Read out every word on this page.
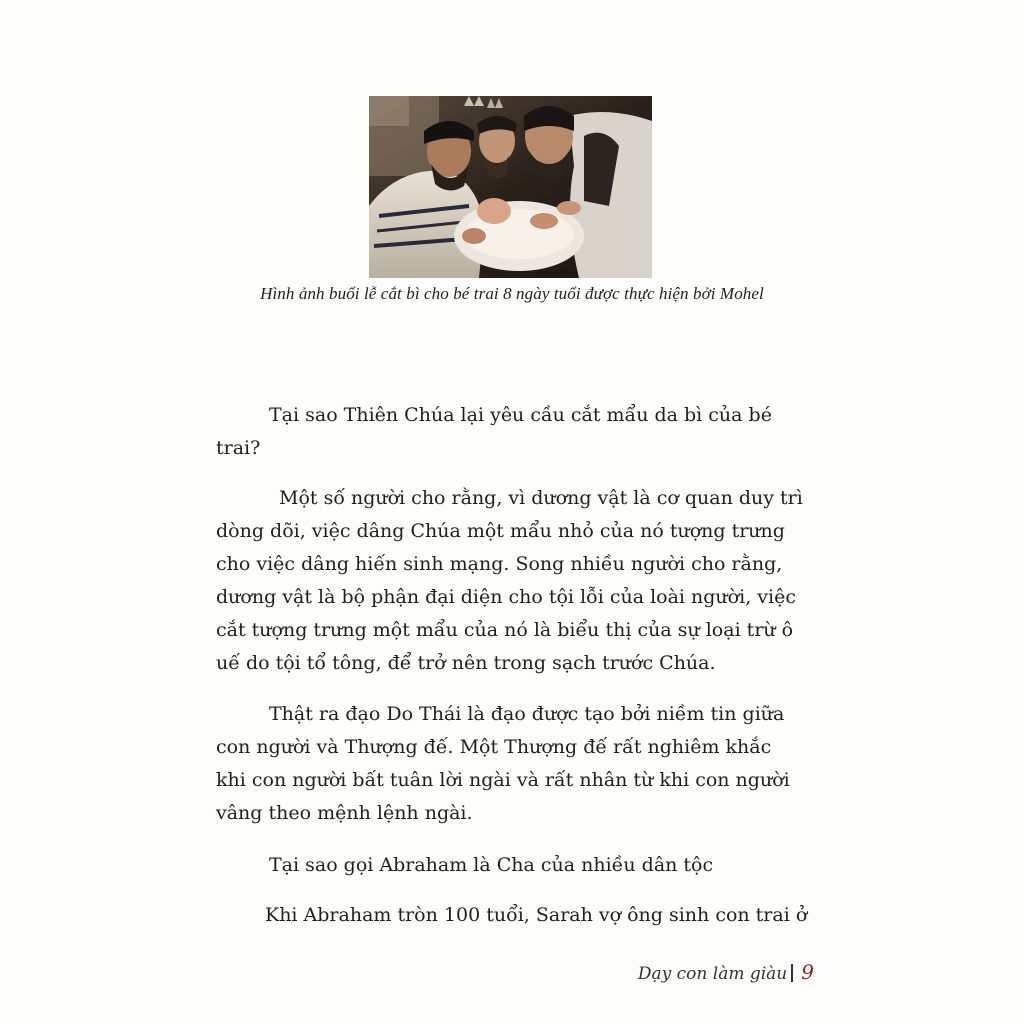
Hình ảnh buổi lễ cắt bì cho bé trai 8 ngày tuổi được thực hiện bởi Mohel
Tại sao Thiên Chúa lại yêu cầu cắt mẩu da bì của bé
trai?
Một số người cho rằng, vì dương vật là cơ quan duy trì
dòng dõi, việc dâng Chúa một mẩu nhỏ của nó tượng trưng
cho việc dâng hiến sinh mạng. Song nhiều người cho rằng,
dương vật là bộ phận đại diện cho tội lỗi của loài người, việc
cắt tượng trưng một mẩu của nó là biểu thị của sự loại trừ ô
uế do tội tổ tông, để trở nên trong sạch trước Chúa.
Thật ra đạo Do Thái là đạo được tạo bởi niềm tin giữa
con người và Thượng đế. Một Thượng đế rất nghiêm khắc
khi con người bất tuân lời ngài và rất nhân từ khi con người
vâng theo mệnh lệnh ngài.
Tại sao gọi Abraham là Cha của nhiều dân tộc
Khi Abraham tròn 100 tuổi, Sarah vợ ông sinh con trai ở
Dạy con làm giàu 9
